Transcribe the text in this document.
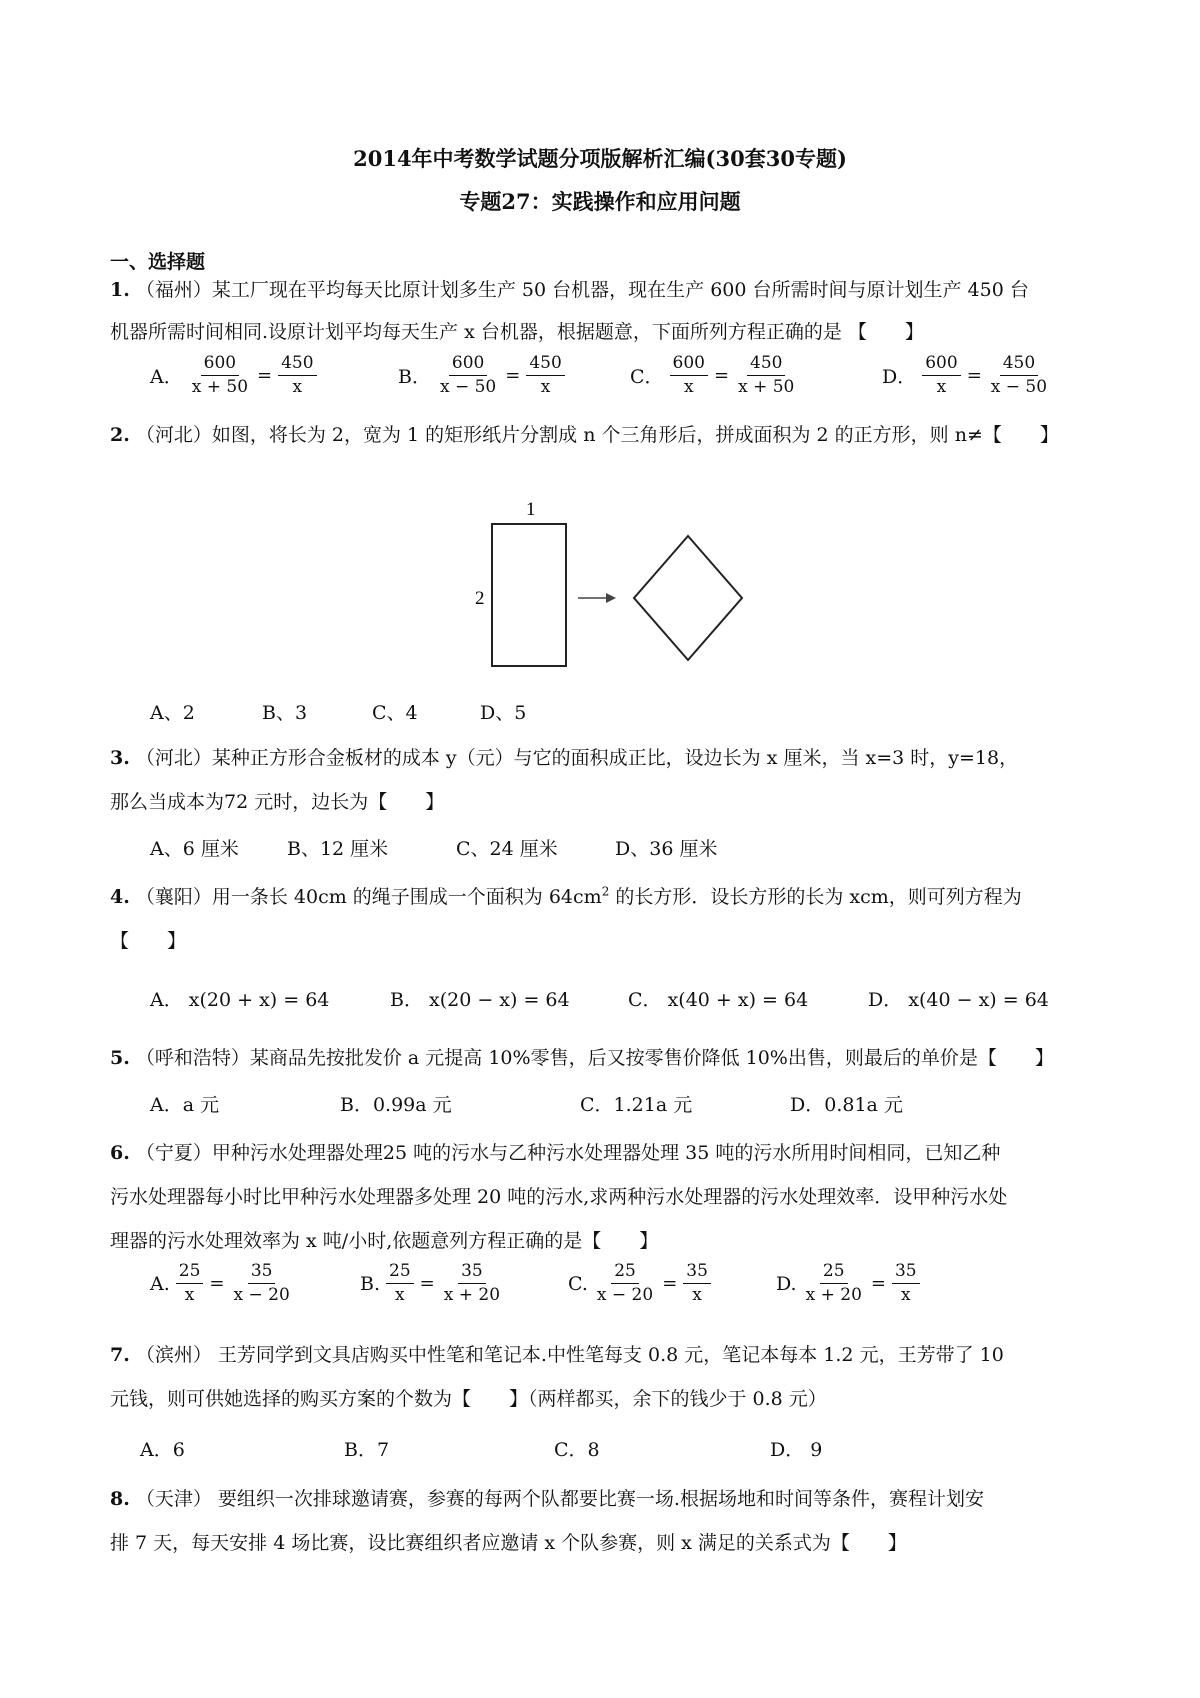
2014年中考数学试题分项版解析汇编(30套30专题)
专题27：实践操作和应用问题
一、选择题
1. （福州）某工厂现在平均每天比原计划多生产 50 台机器，现在生产 600 台所需时间与原计划生产 450 台
机器所需时间相同.设原计划平均每天生产 x 台机器，根据题意，下面所列方程正确的是 【　　】
A． $\frac{600}{x + 50} = \frac{450}{x}$	B． $\frac{600}{x - 50} = \frac{450}{x}$	C． $\frac{600}{x} = \frac{450}{x + 50}$	D． $\frac{600}{x} = \frac{450}{x - 50}$
2. （河北）如图，将长为 2，宽为 1 的矩形纸片分割成 n 个三角形后，拼成面积为 2 的正方形，则 n≠【　　】
1
2
A、2	B、3	C、4	D、5
3. （河北）某种正方形合金板材的成本 y（元）与它的面积成正比，设边长为 x 厘米，当 x=3 时，y=18，
那么当成本为72 元时，边长为【　　】
A、6 厘米	B、12 厘米	C、24 厘米	D、36 厘米
4. （襄阳）用一条长 40cm 的绳子围成一个面积为 $64cm^2$ 的长方形．设长方形的长为 xcm，则可列方程为
【　　】
A． x(20 + x) = 64	B． x(20 − x) = 64	C． x(40 + x) = 64	D． x(40 − x) = 64
5. （呼和浩特）某商品先按批发价 a 元提高 10%零售，后又按零售价降低 10%出售，则最后的单价是【　　】
A．a 元	B．0.99a 元	C．1.21a 元	D．0.81a 元
6. （宁夏）甲种污水处理器处理25 吨的污水与乙种污水处理器处理 35 吨的污水所用时间相同，已知乙种
污水处理器每小时比甲种污水处理器多处理 20 吨的污水,求两种污水处理器的污水处理效率．设甲种污水处
理器的污水处理效率为 x 吨/小时,依题意列方程正确的是【　　】
A. $\frac{25}{x} = \frac{35}{x - 20}$	B. $\frac{25}{x} = \frac{35}{x + 20}$	C. $\frac{25}{x - 20} = \frac{35}{x}$	D. $\frac{25}{x + 20} = \frac{35}{x}$
7. （滨州） 王芳同学到文具店购买中性笔和笔记本.中性笔每支 0.8 元，笔记本每本 1.2 元，王芳带了 10
元钱，则可供她选择的购买方案的个数为【　　】（两样都买，余下的钱少于 0.8 元）
A．6	B．7	C．8	D． 9
8. （天津） 要组织一次排球邀请赛，参赛的每两个队都要比赛一场.根据场地和时间等条件，赛程计划安
排 7 天，每天安排 4 场比赛，设比赛组织者应邀请 x 个队参赛，则 x 满足的关系式为【　　】
